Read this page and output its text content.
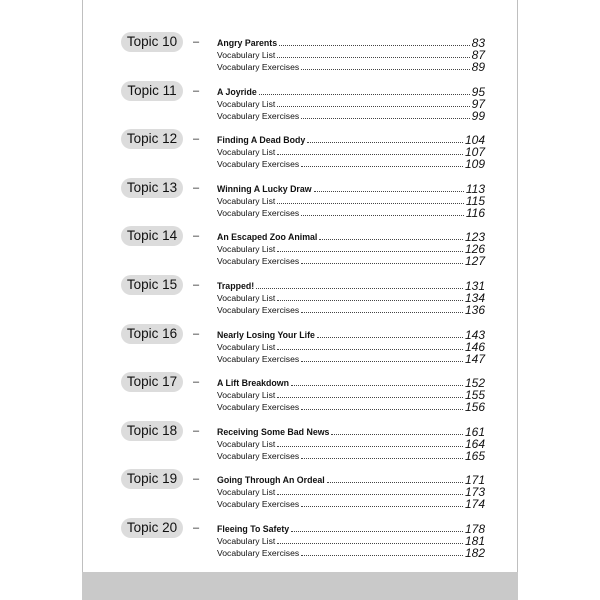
Topic 10	– Angry Parents	83
Vocabulary List	87
Vocabulary Exercises	89
Topic 11	– A Joyride	95
Vocabulary List	97
Vocabulary Exercises	99
Topic 12	– Finding A Dead Body	104
Vocabulary List	107
Vocabulary Exercises	109
Topic 13	– Winning A Lucky Draw	113
Vocabulary List	115
Vocabulary Exercises	116
Topic 14	– An Escaped Zoo Animal	123
Vocabulary List	126
Vocabulary Exercises	127
Topic 15	– Trapped!	131
Vocabulary List	134
Vocabulary Exercises	136
Topic 16	– Nearly Losing Your Life	143
Vocabulary List	146
Vocabulary Exercises	147
Topic 17	– A Lift Breakdown	152
Vocabulary List	155
Vocabulary Exercises	156
Topic 18	– Receiving Some Bad News	161
Vocabulary List	164
Vocabulary Exercises	165
Topic 19	– Going Through An Ordeal	171
Vocabulary List	173
Vocabulary Exercises	174
Topic 20	– Fleeing To Safety	178
Vocabulary List	181
Vocabulary Exercises	182
